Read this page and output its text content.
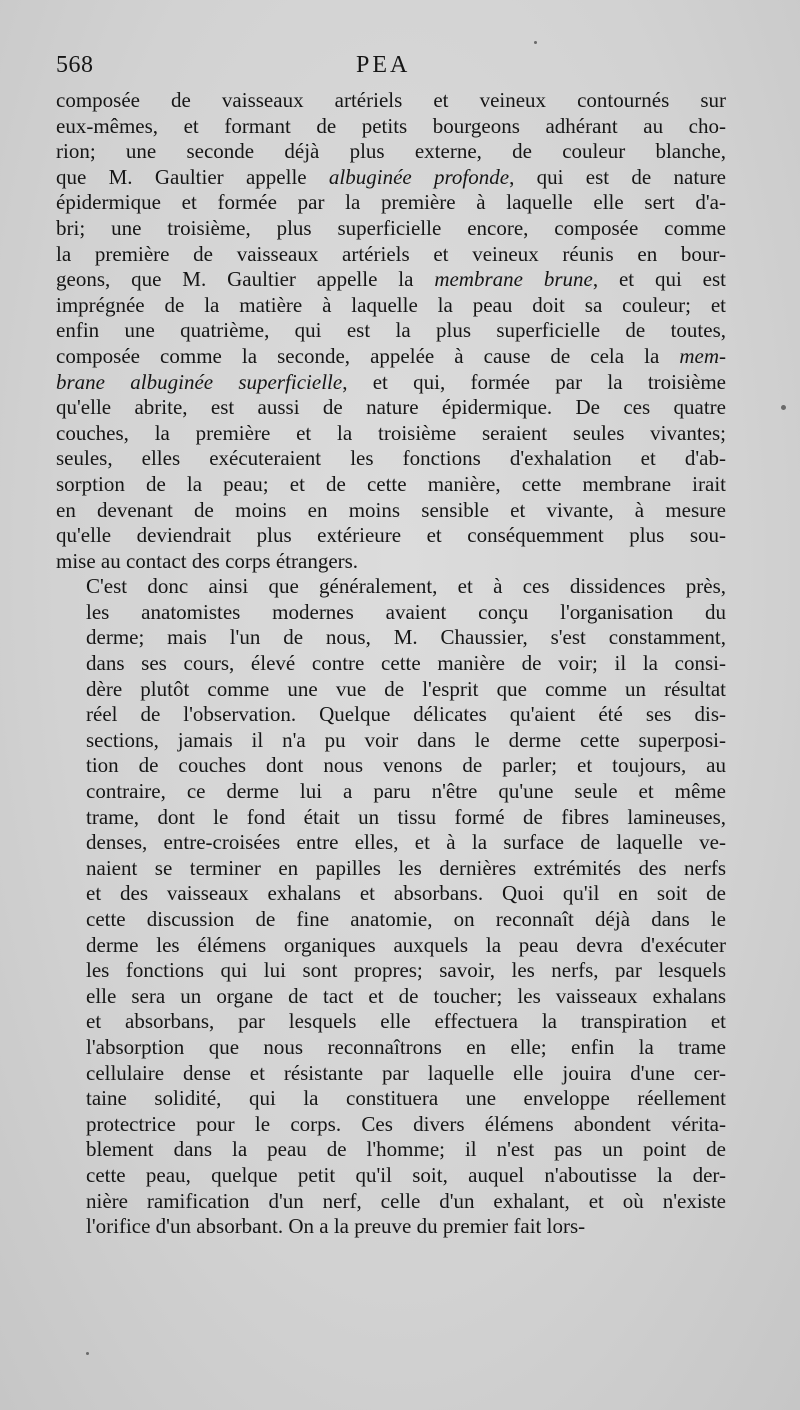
568	PEA

composée de vaisseaux artériels et veineux contournés sur
eux-mêmes, et formant de petits bourgeons adhérant au cho-
rion; une seconde déjà plus externe, de couleur blanche,
que M. Gaultier appelle albuginée profonde, qui est de nature
épidermique et formée par la première à laquelle elle sert d'a-
bri; une troisième, plus superficielle encore, composée comme
la première de vaisseaux artériels et veineux réunis en bour-
geons, que M. Gaultier appelle la membrane brune, et qui est
imprégnée de la matière à laquelle la peau doit sa couleur; et
enfin une quatrième, qui est la plus superficielle de toutes,
composée comme la seconde, appelée à cause de cela la mem-
brane albuginée superficielle, et qui, formée par la troisième
qu'elle abrite, est aussi de nature épidermique. De ces quatre
couches, la première et la troisième seraient seules vivantes;
seules, elles exécuteraient les fonctions d'exhalation et d'ab-
sorption de la peau; et de cette manière, cette membrane irait
en devenant de moins en moins sensible et vivante, à mesure
qu'elle deviendrait plus extérieure et conséquemment plus sou-
mise au contact des corps étrangers.

C'est donc ainsi que généralement, et à ces dissidences près,
les anatomistes modernes avaient conçu l'organisation du
derme; mais l'un de nous, M. Chaussier, s'est constamment,
dans ses cours, élevé contre cette manière de voir; il la consi-
dère plutôt comme une vue de l'esprit que comme un résultat
réel de l'observation. Quelque délicates qu'aient été ses dis-
sections, jamais il n'a pu voir dans le derme cette superposi-
tion de couches dont nous venons de parler; et toujours, au
contraire, ce derme lui a paru n'être qu'une seule et même
trame, dont le fond était un tissu formé de fibres lamineuses,
denses, entre-croisées entre elles, et à la surface de laquelle ve-
naient se terminer en papilles les dernières extrémités des nerfs
et des vaisseaux exhalans et absorbans. Quoi qu'il en soit de
cette discussion de fine anatomie, on reconnaît déjà dans le
derme les élémens organiques auxquels la peau devra d'exécuter
les fonctions qui lui sont propres; savoir, les nerfs, par lesquels
elle sera un organe de tact et de toucher; les vaisseaux exhalans
et absorbans, par lesquels elle effectuera la transpiration et
l'absorption que nous reconnaîtrons en elle; enfin la trame
cellulaire dense et résistante par laquelle elle jouira d'une cer-
taine solidité, qui la constituera une enveloppe réellement
protectrice pour le corps. Ces divers élémens abondent vérita-
blement dans la peau de l'homme; il n'est pas un point de
cette peau, quelque petit qu'il soit, auquel n'aboutisse la der-
nière ramification d'un nerf, celle d'un exhalant, et où n'existe
l'orifice d'un absorbant. On a la preuve du premier fait lors-
